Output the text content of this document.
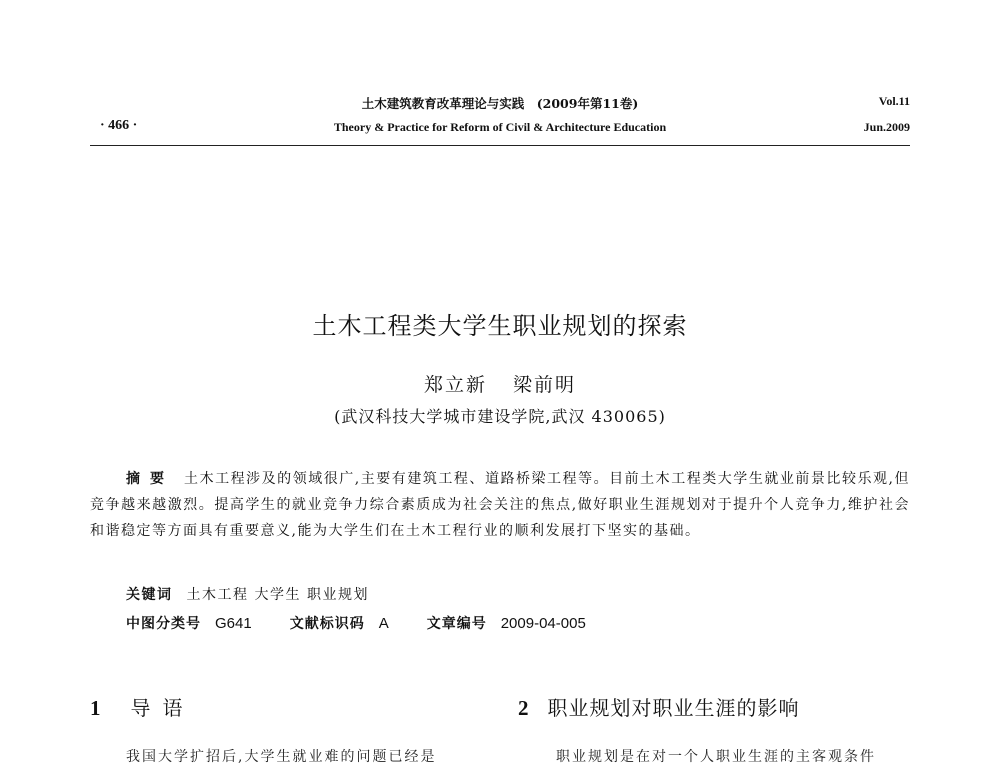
· 466 ·
土木建筑教育改革理论与实践　(2009年第11卷)
Theory & Practice for Reform of Civil & Architecture Education
Vol.11
Jun.2009
土木工程类大学生职业规划的探索
郑立新 梁前明
(武汉科技大学城市建设学院,武汉 430065)
摘要 土木工程涉及的领域很广,主要有建筑工程、道路桥梁工程等。目前土木工程类大学生就业前景比较乐观,但竞争越来越激烈。提高学生的就业竞争力综合素质成为社会关注的焦点,做好职业生涯规划对于提升个人竞争力,维护社会和谐稳定等方面具有重要意义,能为大学生们在土木工程行业的顺利发展打下坚实的基础。
关键词 土木工程 大学生 职业规划
中图分类号 G641	文献标识码 A	文章编号 2009-04-005
1 导语	2 职业规划对职业生涯的影响
我国大学扩招后,大学生就业难的问题已经是	职业规划是在对一个人职业生涯的主客观条件
